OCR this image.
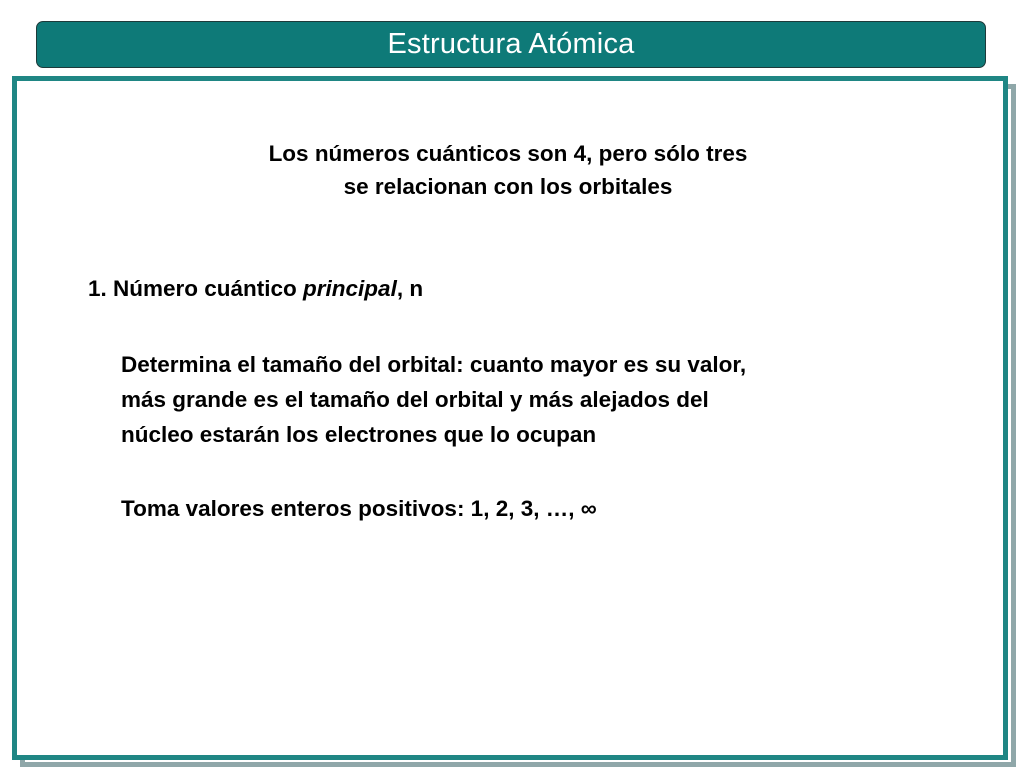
Estructura Atómica
Los números cuánticos son 4, pero sólo tres
se relacionan con los orbitales
1. Número cuántico principal, n
Determina el tamaño del orbital: cuanto mayor es su valor,
más grande es el tamaño del orbital y más alejados del
núcleo estarán los electrones que lo ocupan
Toma valores enteros positivos: 1, 2, 3, …, ∞
